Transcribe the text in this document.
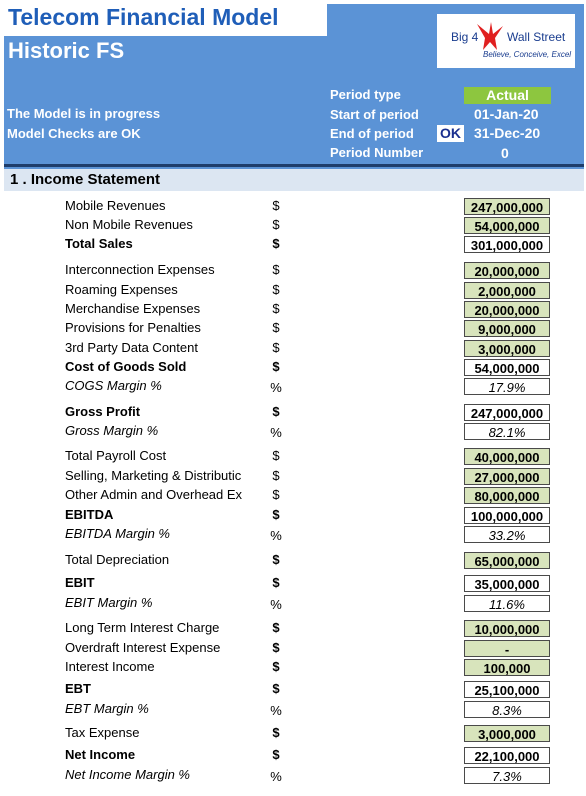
Telecom Financial Model
Historic FS
Big 4 Wall Street
Believe, Conceive, Excel
The Model is in progress
Model Checks are OK
Period type	Actual
Start of period	01-Jan-20
End of period OK 31-Dec-20
Period Number	0
1 . Income Statement
Mobile Revenues	$	247,000,000
Non Mobile Revenues	$	54,000,000
Total Sales	$	301,000,000
Interconnection Expenses	$	20,000,000
Roaming Expenses	$	2,000,000
Merchandise Expenses	$	20,000,000
Provisions for Penalties	$	9,000,000
3rd Party Data Content	$	3,000,000
Cost of Goods Sold	$	54,000,000
COGS Margin %	%	17.9%
Gross Profit	$	247,000,000
Gross Margin %	%	82.1%
Total Payroll Cost	$	40,000,000
Selling, Marketing & Distributic	$	27,000,000
Other Admin and Overhead Ex	$	80,000,000
EBITDA	$	100,000,000
EBITDA Margin %	%	33.2%
Total Depreciation	$	65,000,000
EBIT	$	35,000,000
EBIT Margin %	%	11.6%
Long Term Interest Charge	$	10,000,000
Overdraft Interest Expense	$	-
Interest Income	$	100,000
EBT	$	25,100,000
EBT Margin %	%	8.3%
Tax Expense	$	3,000,000
Net Income	$	22,100,000
Net Income Margin %	%	7.3%
